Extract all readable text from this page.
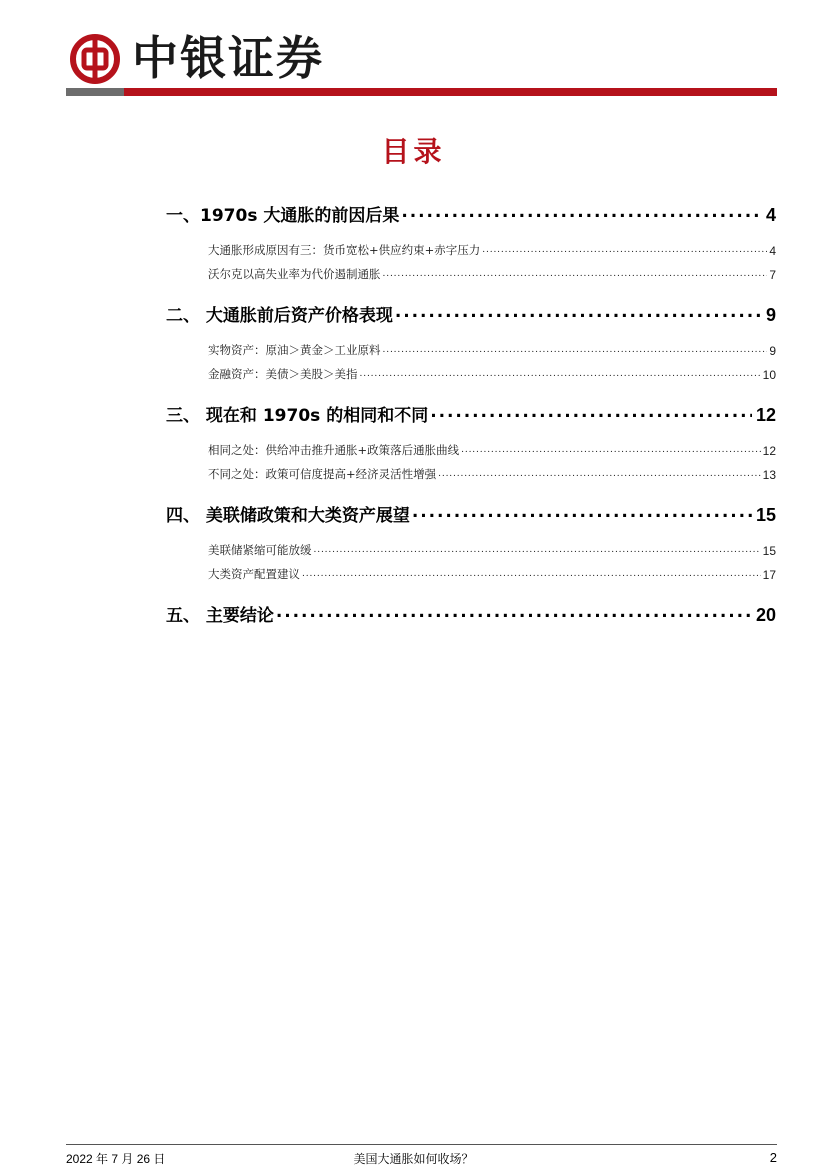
中银证券
目录
一、1970s 大通胀的前因后果 . . .	4
大通胀形成原因有三：货币宽松+供应约束+赤字压力 . . .	4
沃尔克以高失业率为代价遏制通胀 . . .	7
二、 大通胀前后资产价格表现 . . .	9
实物资产：原油＞黄金＞工业原料 . . .	9
金融资产：美债＞美股＞美指 . . .	10
三、 现在和 1970s 的相同和不同 . . .	12
相同之处：供给冲击推升通胀+政策落后通胀曲线 . . .	12
不同之处：政策可信度提高+经济灵活性增强 . . .	13
四、 美联储政策和大类资产展望 . . .	15
美联储紧缩可能放缓 . . .	15
大类资产配置建议 . . .	17
五、 主要结论 . . .	20
2022 年 7 月 26 日	美国大通胀如何收场？	2
